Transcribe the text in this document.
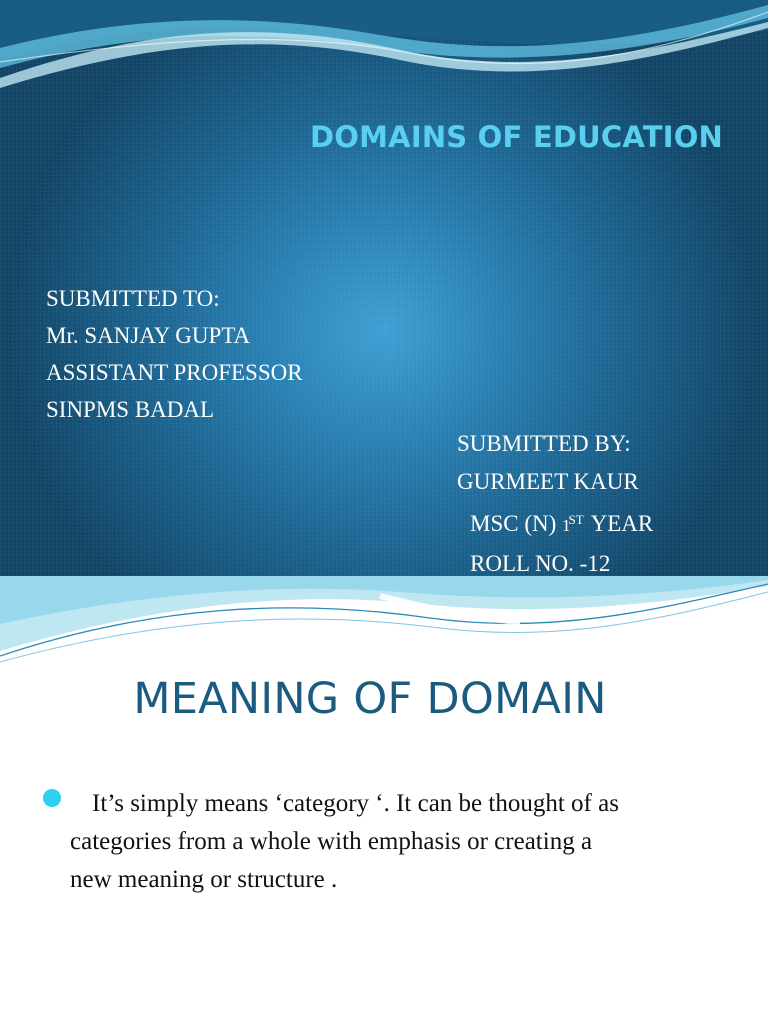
DOMAINS OF EDUCATION
SUBMITTED TO:
Mr. SANJAY GUPTA
ASSISTANT PROFESSOR
SINPMS BADAL
SUBMITTED BY:
GURMEET KAUR
MSC (N) 1ST YEAR
ROLL NO. -12
MEANING OF DOMAIN
It’s simply means ‘category ‘. It can be thought of as
categories from a whole with emphasis or creating a
new meaning or structure .
